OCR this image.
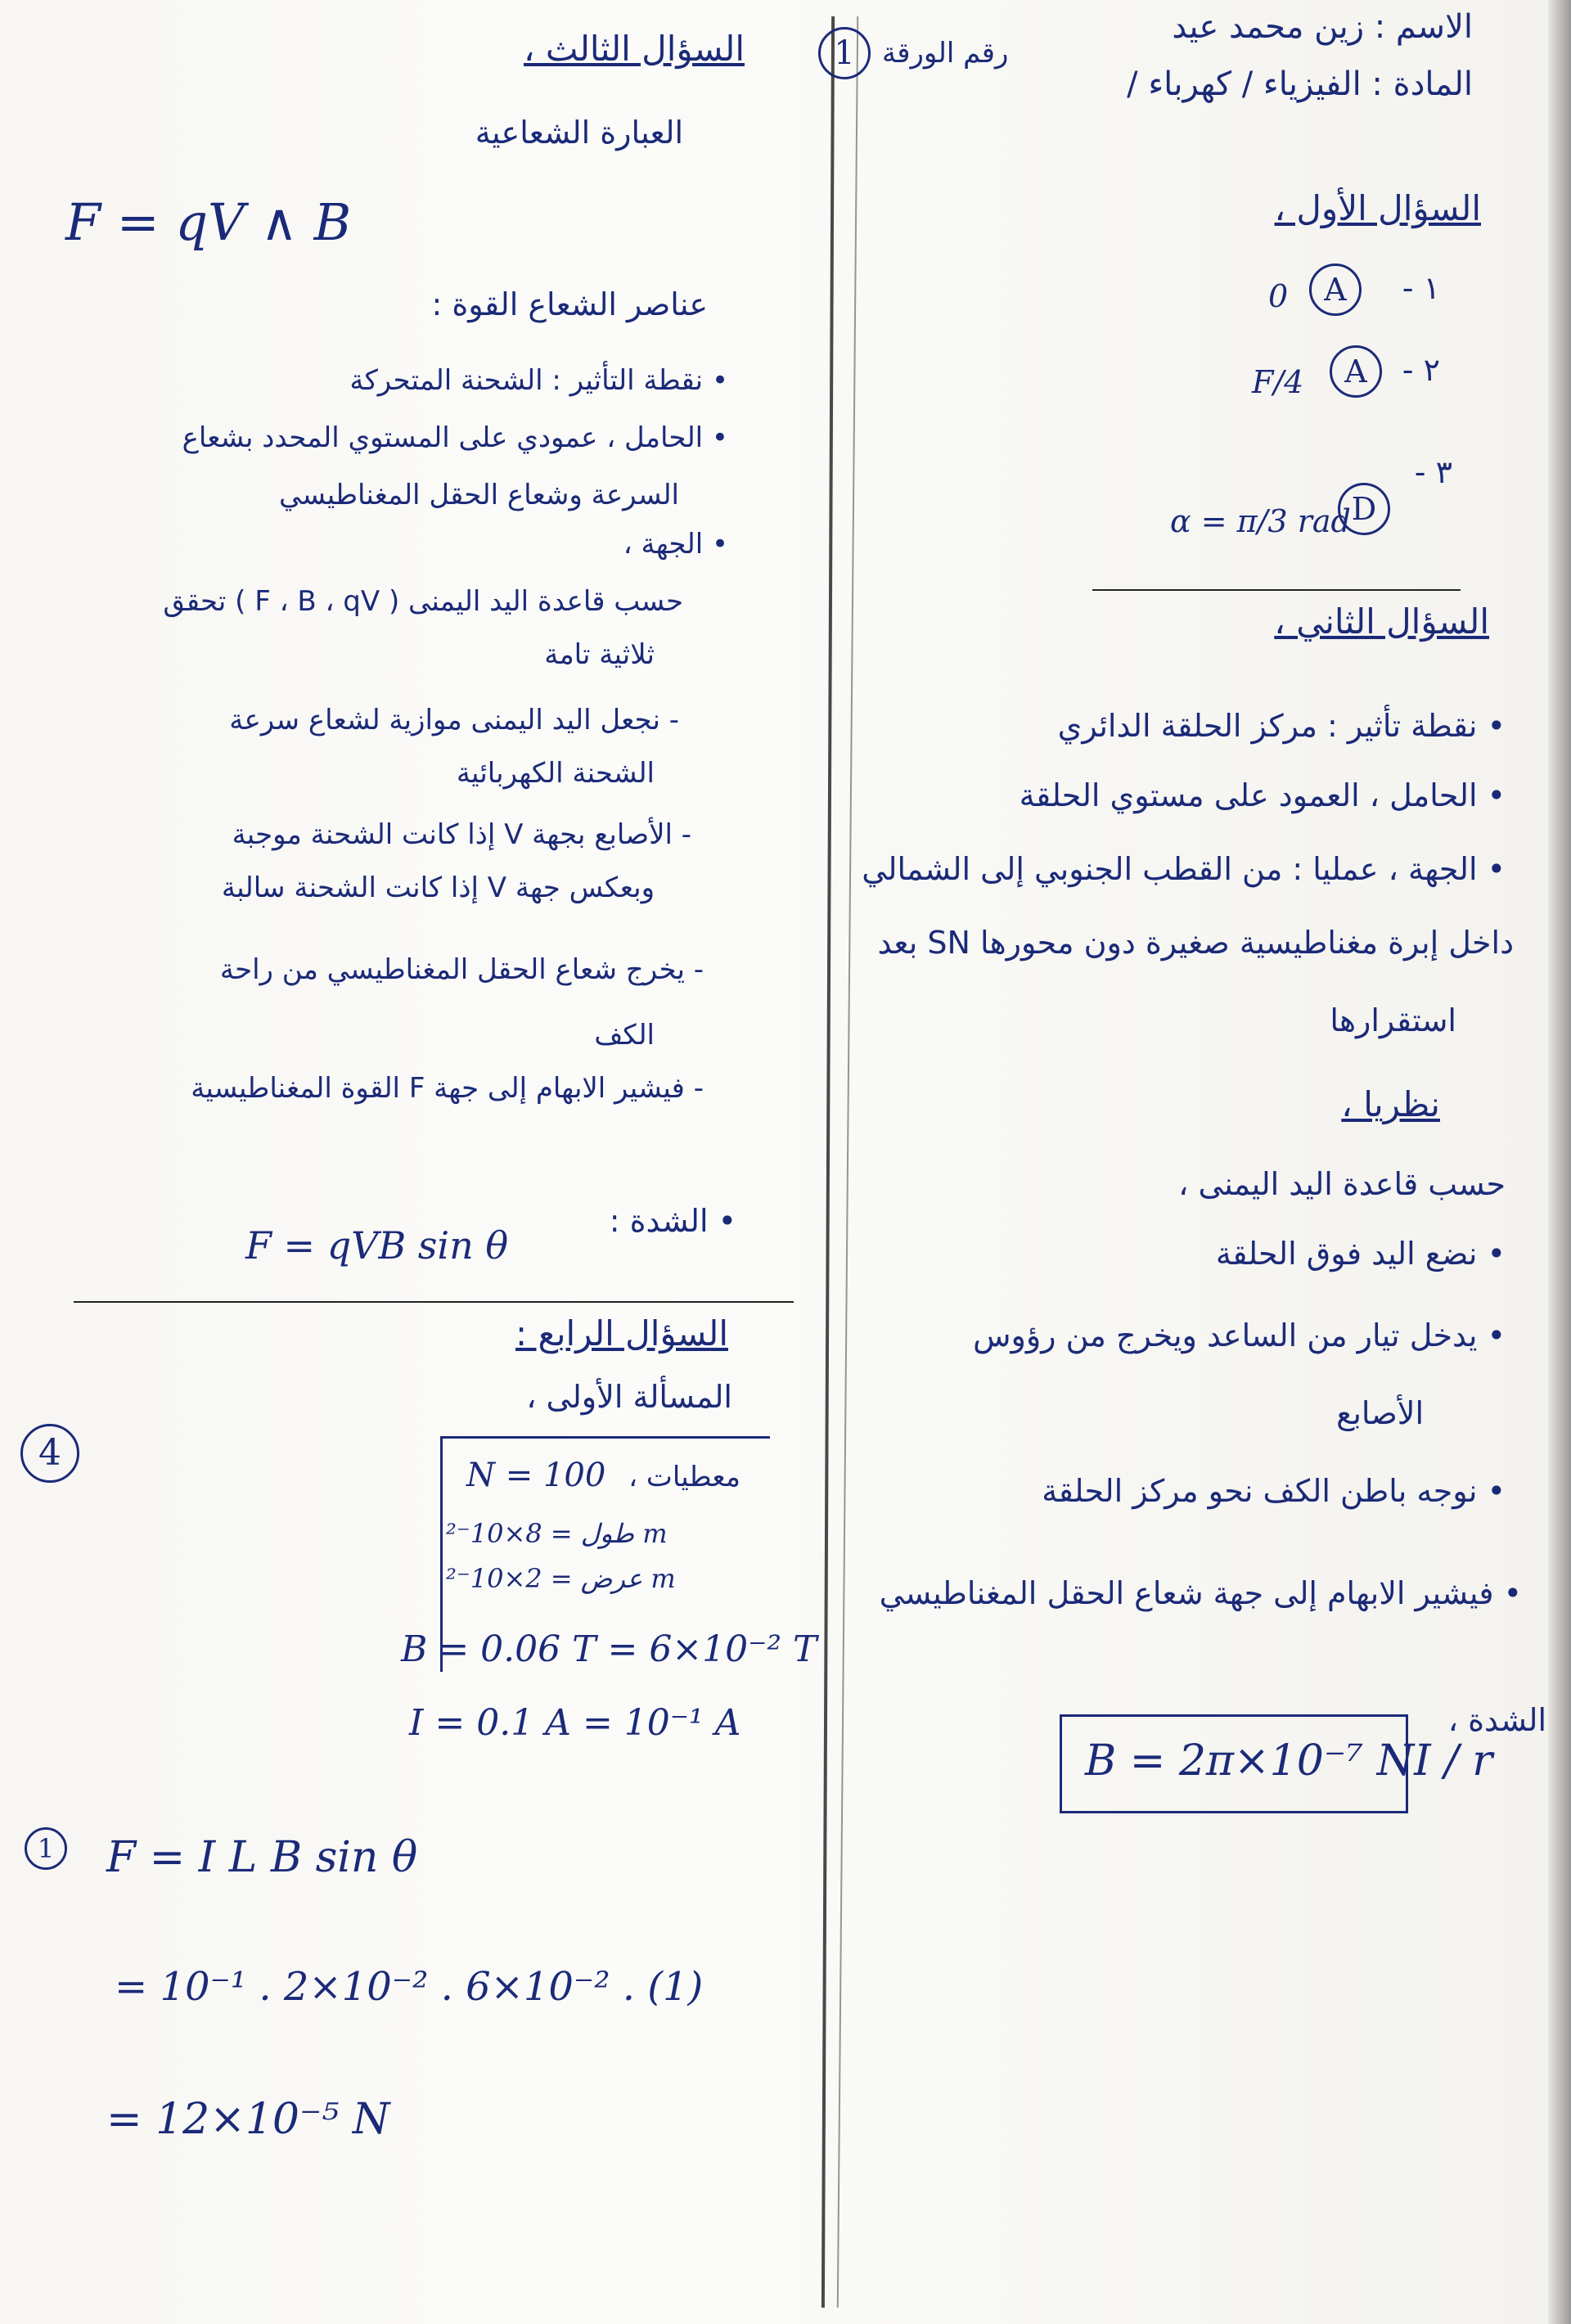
الاسم : زين محمد عيد
المادة : الفيزياء / كهرباء /
1 رقم الورقة
السؤال الأول ،
١ -
A
0
٢ -
A
F/4
٣ -
D
α = π/3 rad
السؤال الثاني ،
• نقطة تأثير : مركز الحلقة الدائري
• الحامل ، العمود على مستوي الحلقة
• الجهة ، عمليا : من القطب الجنوبي إلى الشمالي
داخل إبرة مغناطيسية صغيرة دون محورها SN بعد
استقرارها
نظريا ،
حسب قاعدة اليد اليمنى ،
• نضع اليد فوق الحلقة
• يدخل تيار من الساعد ويخرج من رؤوس
الأصابع
• نوجه باطن الكف نحو مركز الحلقة
• فيشير الابهام إلى جهة شعاع الحقل المغناطيسي
الشدة ،
B = 2π×10⁻⁷ NI / r
السؤال الثالث ،
العبارة الشعاعية
F = qV ∧ B
عناصر الشعاع القوة :
• نقطة التأثير : الشحنة المتحركة
• الحامل ، عمودي على المستوي المحدد بشعاع
السرعة وشعاع الحقل المغناطيسي
• الجهة ،
حسب قاعدة اليد اليمنى ( F ، B ، qV ) تحقق
ثلاثية تامة
- نجعل اليد اليمنى موازية لشعاع سرعة
الشحنة الكهربائية
- الأصابع بجهة V إذا كانت الشحنة موجبة
وبعكس جهة V إذا كانت الشحنة سالبة
- يخرج شعاع الحقل المغناطيسي من راحة
الكف
- فيشير الابهام إلى جهة F القوة المغناطيسية
• الشدة :
F = qVB sin θ
السؤال الرابع :
المسألة الأولى ،
4
معطيات ،
N = 100
طول = 8×10⁻² m
عرض = 2×10⁻² m
B = 0.06 T = 6×10⁻² T
I = 0.1 A = 10⁻¹ A
1	F = I L B sin θ
= 10⁻¹ . 2×10⁻² . 6×10⁻² . (1)
= 12×10⁻⁵ N
